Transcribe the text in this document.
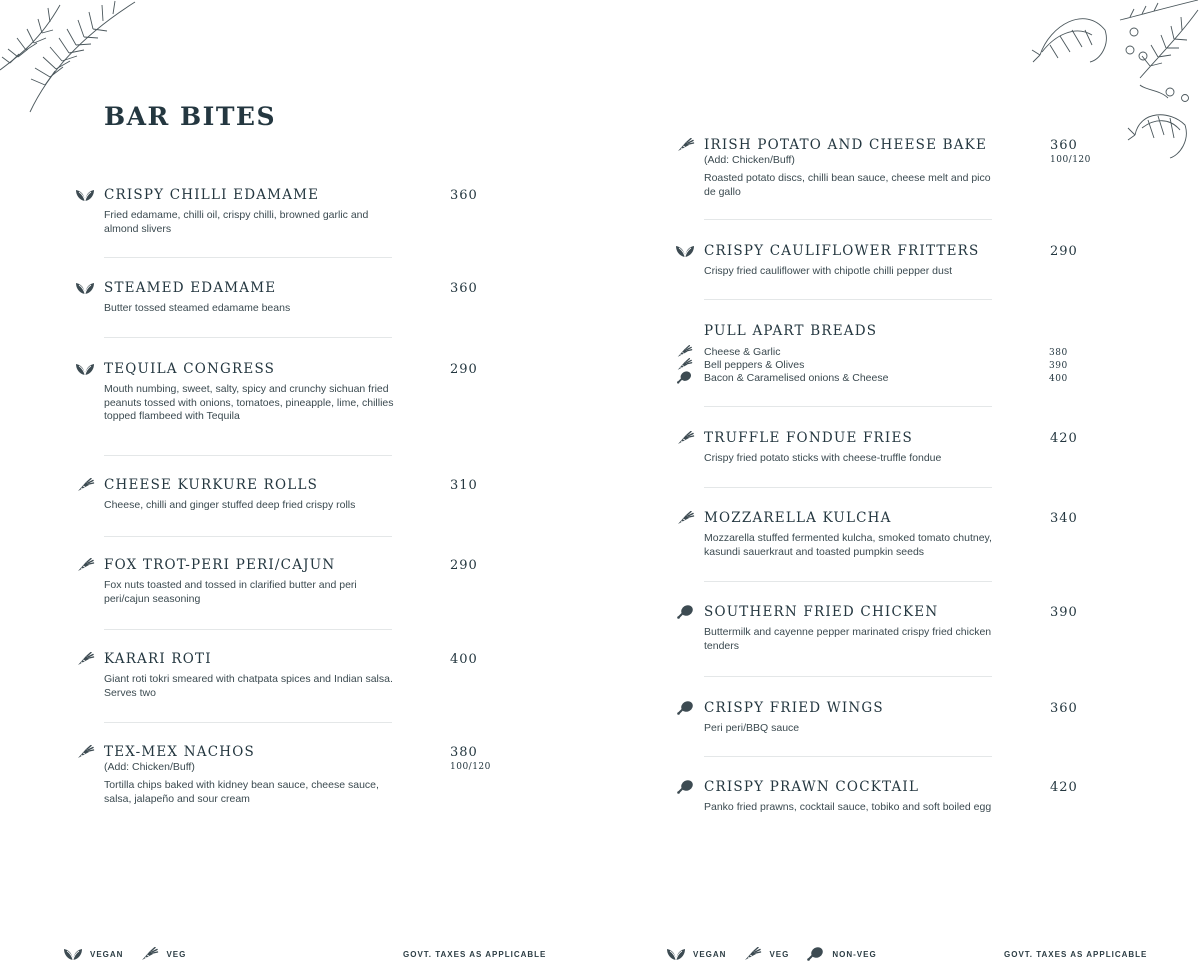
BAR BITES
CRISPY CHILLI EDAMAME	360
Fried edamame, chilli oil, crispy chilli, browned garlic and almond slivers
STEAMED EDAMAME	360
Butter tossed steamed edamame beans
TEQUILA CONGRESS	290
Mouth numbing, sweet, salty, spicy and crunchy sichuan fried peanuts tossed with onions, tomatoes, pineapple, lime, chillies topped flambeed with Tequila
CHEESE KURKURE ROLLS	310
Cheese, chilli and ginger stuffed deep fried crispy rolls
FOX TROT-PERI PERI/CAJUN	290
Fox nuts toasted and tossed in clarified butter and peri peri/cajun seasoning
KARARI ROTI	400
Giant roti tokri smeared with chatpata spices and Indian salsa. Serves two
TEX-MEX NACHOS	380
(Add: Chicken/Buff)	100/120
Tortilla chips baked with kidney bean sauce, cheese sauce, salsa, jalapeño and sour cream
VEGAN	VEG	GOVT. TAXES AS APPLICABLE
IRISH POTATO AND CHEESE BAKE	360
(Add: Chicken/Buff)	100/120
Roasted potato discs, chilli bean sauce, cheese melt and pico de gallo
CRISPY CAULIFLOWER FRITTERS	290
Crispy fried cauliflower with chipotle chilli pepper dust
PULL APART BREADS
Cheese & Garlic	380
Bell peppers & Olives	390
Bacon & Caramelised onions & Cheese	400
TRUFFLE FONDUE FRIES	420
Crispy fried potato sticks with cheese-truffle fondue
MOZZARELLA KULCHA	340
Mozzarella stuffed fermented kulcha, smoked tomato chutney, kasundi sauerkraut and toasted pumpkin seeds
SOUTHERN FRIED CHICKEN	390
Buttermilk and cayenne pepper marinated crispy fried chicken tenders
CRISPY FRIED WINGS	360
Peri peri/BBQ sauce
CRISPY PRAWN COCKTAIL	420
Panko fried prawns, cocktail sauce, tobiko and soft boiled egg
VEGAN	VEG	NON-VEG	GOVT. TAXES AS APPLICABLE
